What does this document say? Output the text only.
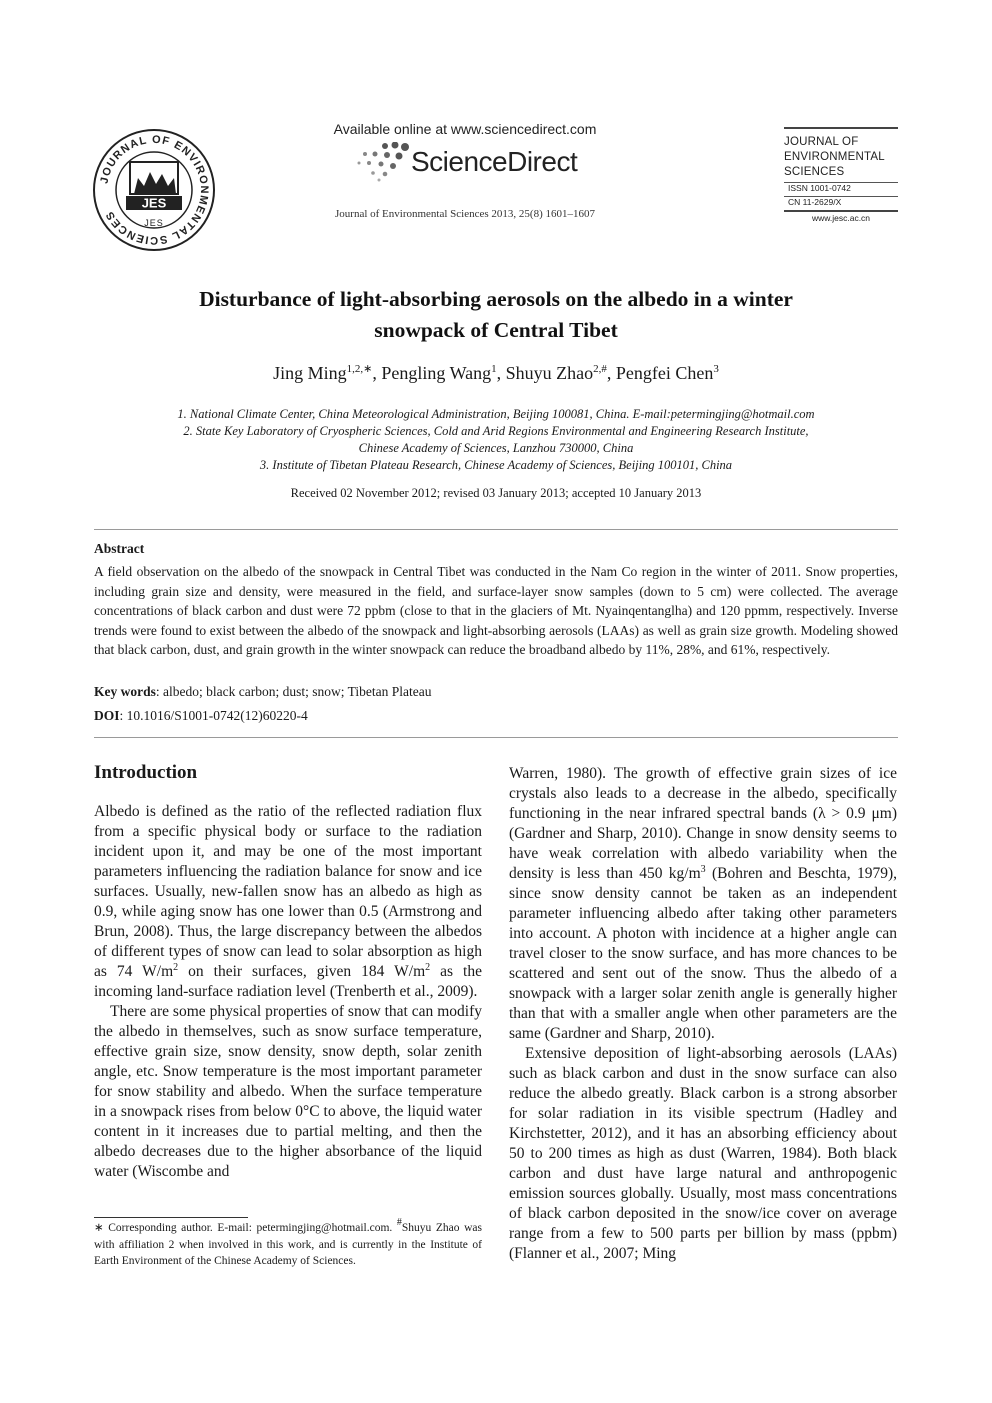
JOURNAL OF ENVIRONMENTAL SCIENCES
JES
JES
Available online at www.sciencedirect.com
ScienceDirect
Journal of Environmental Sciences 2013, 25(8) 1601–1607
JOURNAL OF
ENVIRONMENTAL
SCIENCES
ISSN 1001-0742
CN 11-2629/X
www.jesc.ac.cn
Disturbance of light-absorbing aerosols on the albedo in a winter
snowpack of Central Tibet
Jing Ming$^{1,2,∗}$, Pengling Wang$^1$, Shuyu Zhao$^{2,\#}$, Pengfei Chen$^3$
1. National Climate Center, China Meteorological Administration, Beijing 100081, China. E-mail:petermingjing@hotmail.com
2. State Key Laboratory of Cryospheric Sciences, Cold and Arid Regions Environmental and Engineering Research Institute,
Chinese Academy of Sciences, Lanzhou 730000, China
3. Institute of Tibetan Plateau Research, Chinese Academy of Sciences, Beijing 100101, China
Received 02 November 2012; revised 03 January 2013; accepted 10 January 2013
Abstract
A field observation on the albedo of the snowpack in Central Tibet was conducted in the Nam Co region in the winter of 2011. Snow properties, including grain size and density, were measured in the field, and surface-layer snow samples (down to 5 cm) were collected. The average concentrations of black carbon and dust were 72 ppbm (close to that in the glaciers of Mt. Nyainqentanglha) and 120 ppmm, respectively. Inverse trends were found to exist between the albedo of the snowpack and light-absorbing aerosols (LAAs) as well as grain size growth. Modeling showed that black carbon, dust, and grain growth in the winter snowpack can reduce the broadband albedo by 11%, 28%, and 61%, respectively.
Key words: albedo; black carbon; dust; snow; Tibetan Plateau
DOI: 10.1016/S1001-0742(12)60220-4
Introduction

Albedo is defined as the ratio of the reflected radiation flux from a specific physical body or surface to the radiation incident upon it, and may be one of the most important parameters influencing the radiation balance for snow and ice surfaces. Usually, new-fallen snow has an albedo as high as 0.9, while aging snow has one lower than 0.5 (Armstrong and Brun, 2008). Thus, the large discrepancy between the albedos of different types of snow can lead to solar absorption as high as 74 $W/m^2$ on their surfaces, given 184 $W/m^2$ as the incoming land-surface radiation level (Trenberth et al., 2009).

There are some physical properties of snow that can modify the albedo in themselves, such as snow surface temperature, effective grain size, snow density, snow depth, solar zenith angle, etc. Snow temperature is the most important parameter for snow stability and albedo. When the surface temperature in a snowpack rises from below 0°C to above, the liquid water content in it increases due to partial melting, and then the albedo decreases due to the higher absorbance of the liquid water (Wiscombe and

Warren, 1980). The growth of effective grain sizes of ice crystals also leads to a decrease in the albedo, specifically functioning in the near infrared spectral bands (λ > 0.9 μm) (Gardner and Sharp, 2010). Change in snow density seems to have weak correlation with albedo variability when the density is less than 450 $kg/m^3$ (Bohren and Beschta, 1979), since snow density cannot be taken as an independent parameter influencing albedo after taking other parameters into account. A photon with incidence at a higher angle can travel closer to the snow surface, and has more chances to be scattered and sent out of the snow. Thus the albedo of a snowpack with a larger solar zenith angle is generally higher than that with a smaller angle when other parameters are the same (Gardner and Sharp, 2010).

Extensive deposition of light-absorbing aerosols (LAAs) such as black carbon and dust in the snow surface can also reduce the albedo greatly. Black carbon is a strong absorber for solar radiation in its visible spectrum (Hadley and Kirchstetter, 2012), and it has an absorbing efficiency about 50 to 200 times as high as dust (Warren, 1984). Both black carbon and dust have large natural and anthropogenic emission sources globally. Usually, most mass concentrations of black carbon deposited in the snow/ice cover on average range from a few to 500 parts per billion by mass (ppbm) (Flanner et al., 2007; Ming

∗ Corresponding author. E-mail: petermingjing@hotmail.com. #Shuyu Zhao was with affiliation 2 when involved in this work, and is currently in the Institute of Earth Environment of the Chinese Academy of Sciences.
